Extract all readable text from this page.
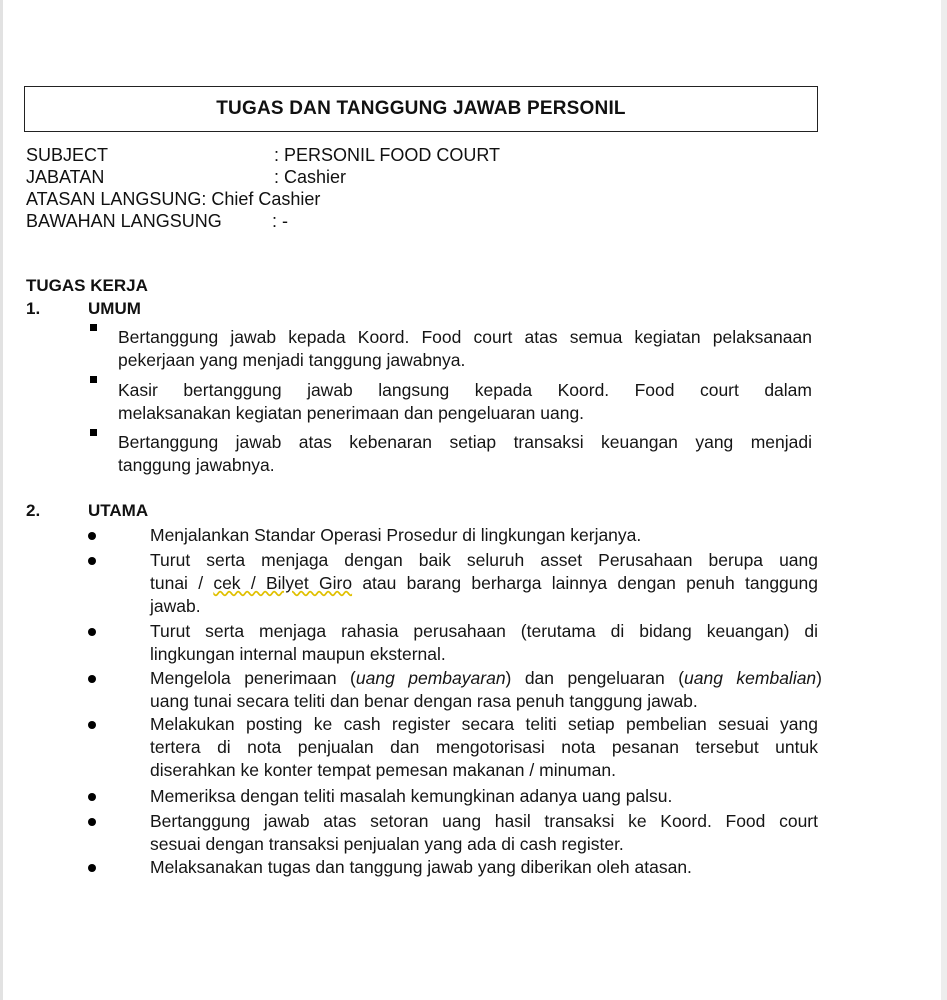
TUGAS DAN TANGGUNG JAWAB PERSONIL
SUBJECT	: PERSONIL FOOD COURT
JABATAN	: Cashier
ATASAN LANGSUNG: Chief Cashier
BAWAHAN LANGSUNG	: -
TUGAS KERJA
1.	UMUM
Bertanggung jawab kepada Koord. Food court atas semua kegiatan pelaksanaan
pekerjaan yang menjadi tanggung jawabnya.
Kasir bertanggung jawab langsung kepada Koord. Food court dalam
melaksanakan kegiatan penerimaan dan pengeluaran uang.
Bertanggung jawab atas kebenaran setiap transaksi keuangan yang menjadi
tanggung jawabnya.
2.	UTAMA
Menjalankan Standar Operasi Prosedur di lingkungan kerjanya.
Turut serta menjaga dengan baik seluruh asset Perusahaan berupa uang
tunai / cek / Bilyet Giro atau barang berharga lainnya dengan penuh tanggung
jawab.
Turut serta menjaga rahasia perusahaan (terutama di bidang keuangan) di
lingkungan internal maupun eksternal.
Mengelola penerimaan (uang pembayaran) dan pengeluaran (uang kembalian)
uang tunai secara teliti dan benar dengan rasa penuh tanggung jawab.
Melakukan posting ke cash register secara teliti setiap pembelian sesuai yang
tertera di nota penjualan dan mengotorisasi nota pesanan tersebut untuk
diserahkan ke konter tempat pemesan makanan / minuman.
Memeriksa dengan teliti masalah kemungkinan adanya uang palsu.
Bertanggung jawab atas setoran uang hasil transaksi ke Koord. Food court
sesuai dengan transaksi penjualan yang ada di cash register.
Melaksanakan tugas dan tanggung jawab yang diberikan oleh atasan.
